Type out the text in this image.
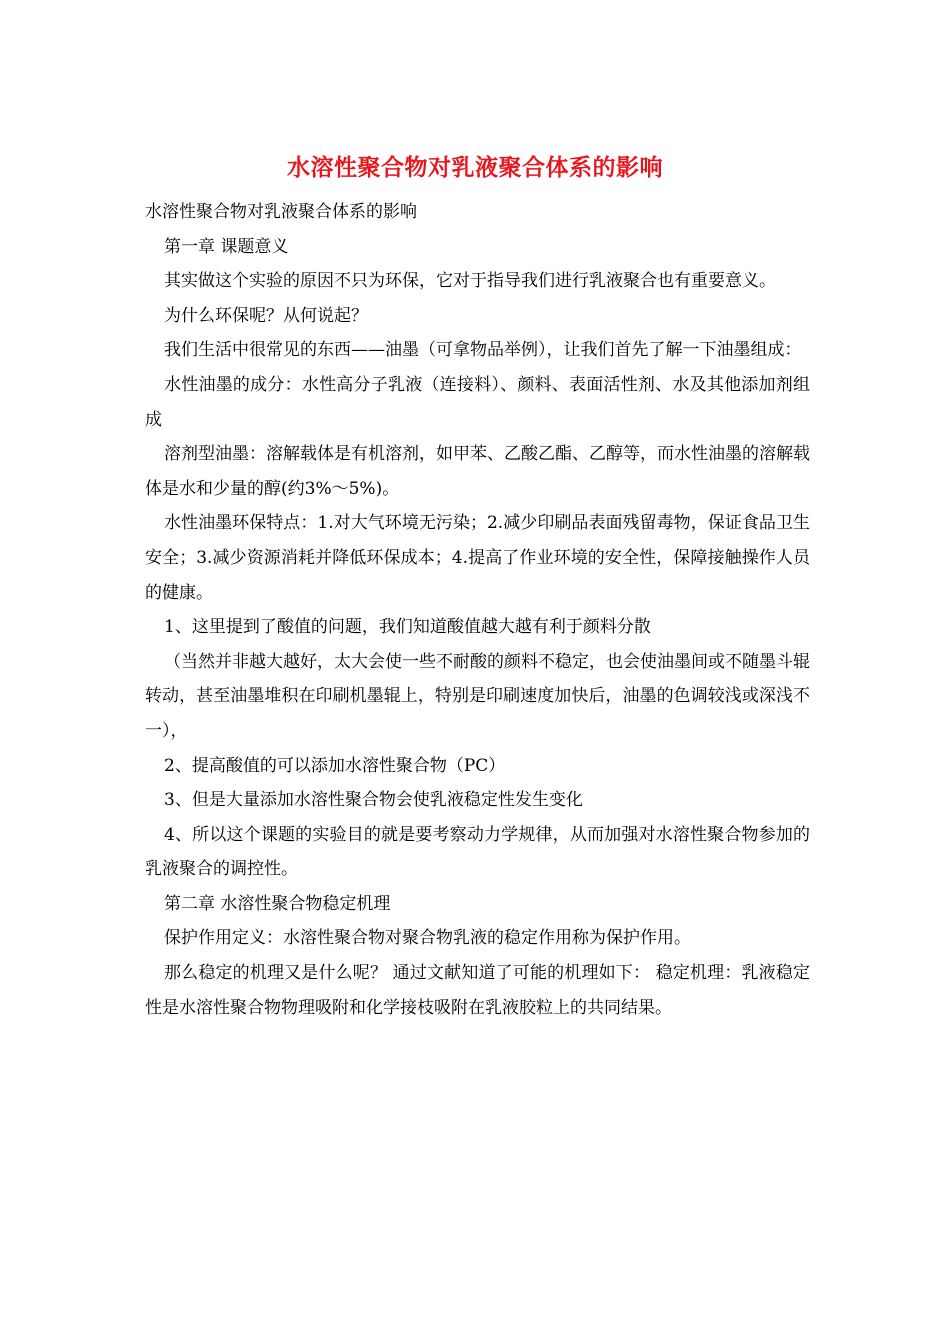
水溶性聚合物对乳液聚合体系的影响

水溶性聚合物对乳液聚合体系的影响

第一章 课题意义

其实做这个实验的原因不只为环保，它对于指导我们进行乳液聚合也有重要意义。

为什么环保呢？从何说起？

我们生活中很常见的东西——油墨（可拿物品举例），让我们首先了解一下油墨组成：

水性油墨的成分：水性高分子乳液（连接料）、颜料、表面活性剂、水及其他添加剂组成

溶剂型油墨：溶解载体是有机溶剂，如甲苯、乙酸乙酯、乙醇等，而水性油墨的溶解载体是水和少量的醇(约3%～5%)。

水性油墨环保特点：1.对大气环境无污染；2.减少印刷品表面残留毒物，保证食品卫生安全；3.减少资源消耗并降低环保成本；4.提高了作业环境的安全性，保障接触操作人员的健康。

1、这里提到了酸值的问题，我们知道酸值越大越有利于颜料分散

（当然并非越大越好，太大会使一些不耐酸的颜料不稳定，也会使油墨间或不随墨斗辊转动，甚至油墨堆积在印刷机墨辊上，特别是印刷速度加快后，油墨的色调较浅或深浅不一），

2、提高酸值的可以添加水溶性聚合物（PC）

3、但是大量添加水溶性聚合物会使乳液稳定性发生变化

4、所以这个课题的实验目的就是要考察动力学规律，从而加强对水溶性聚合物参加的乳液聚合的调控性。

第二章 水溶性聚合物稳定机理

保护作用定义：水溶性聚合物对聚合物乳液的稳定作用称为保护作用。

那么稳定的机理又是什么呢？ 通过文献知道了可能的机理如下： 稳定机理：乳液稳定性是水溶性聚合物物理吸附和化学接枝吸附在乳液胶粒上的共同结果。
